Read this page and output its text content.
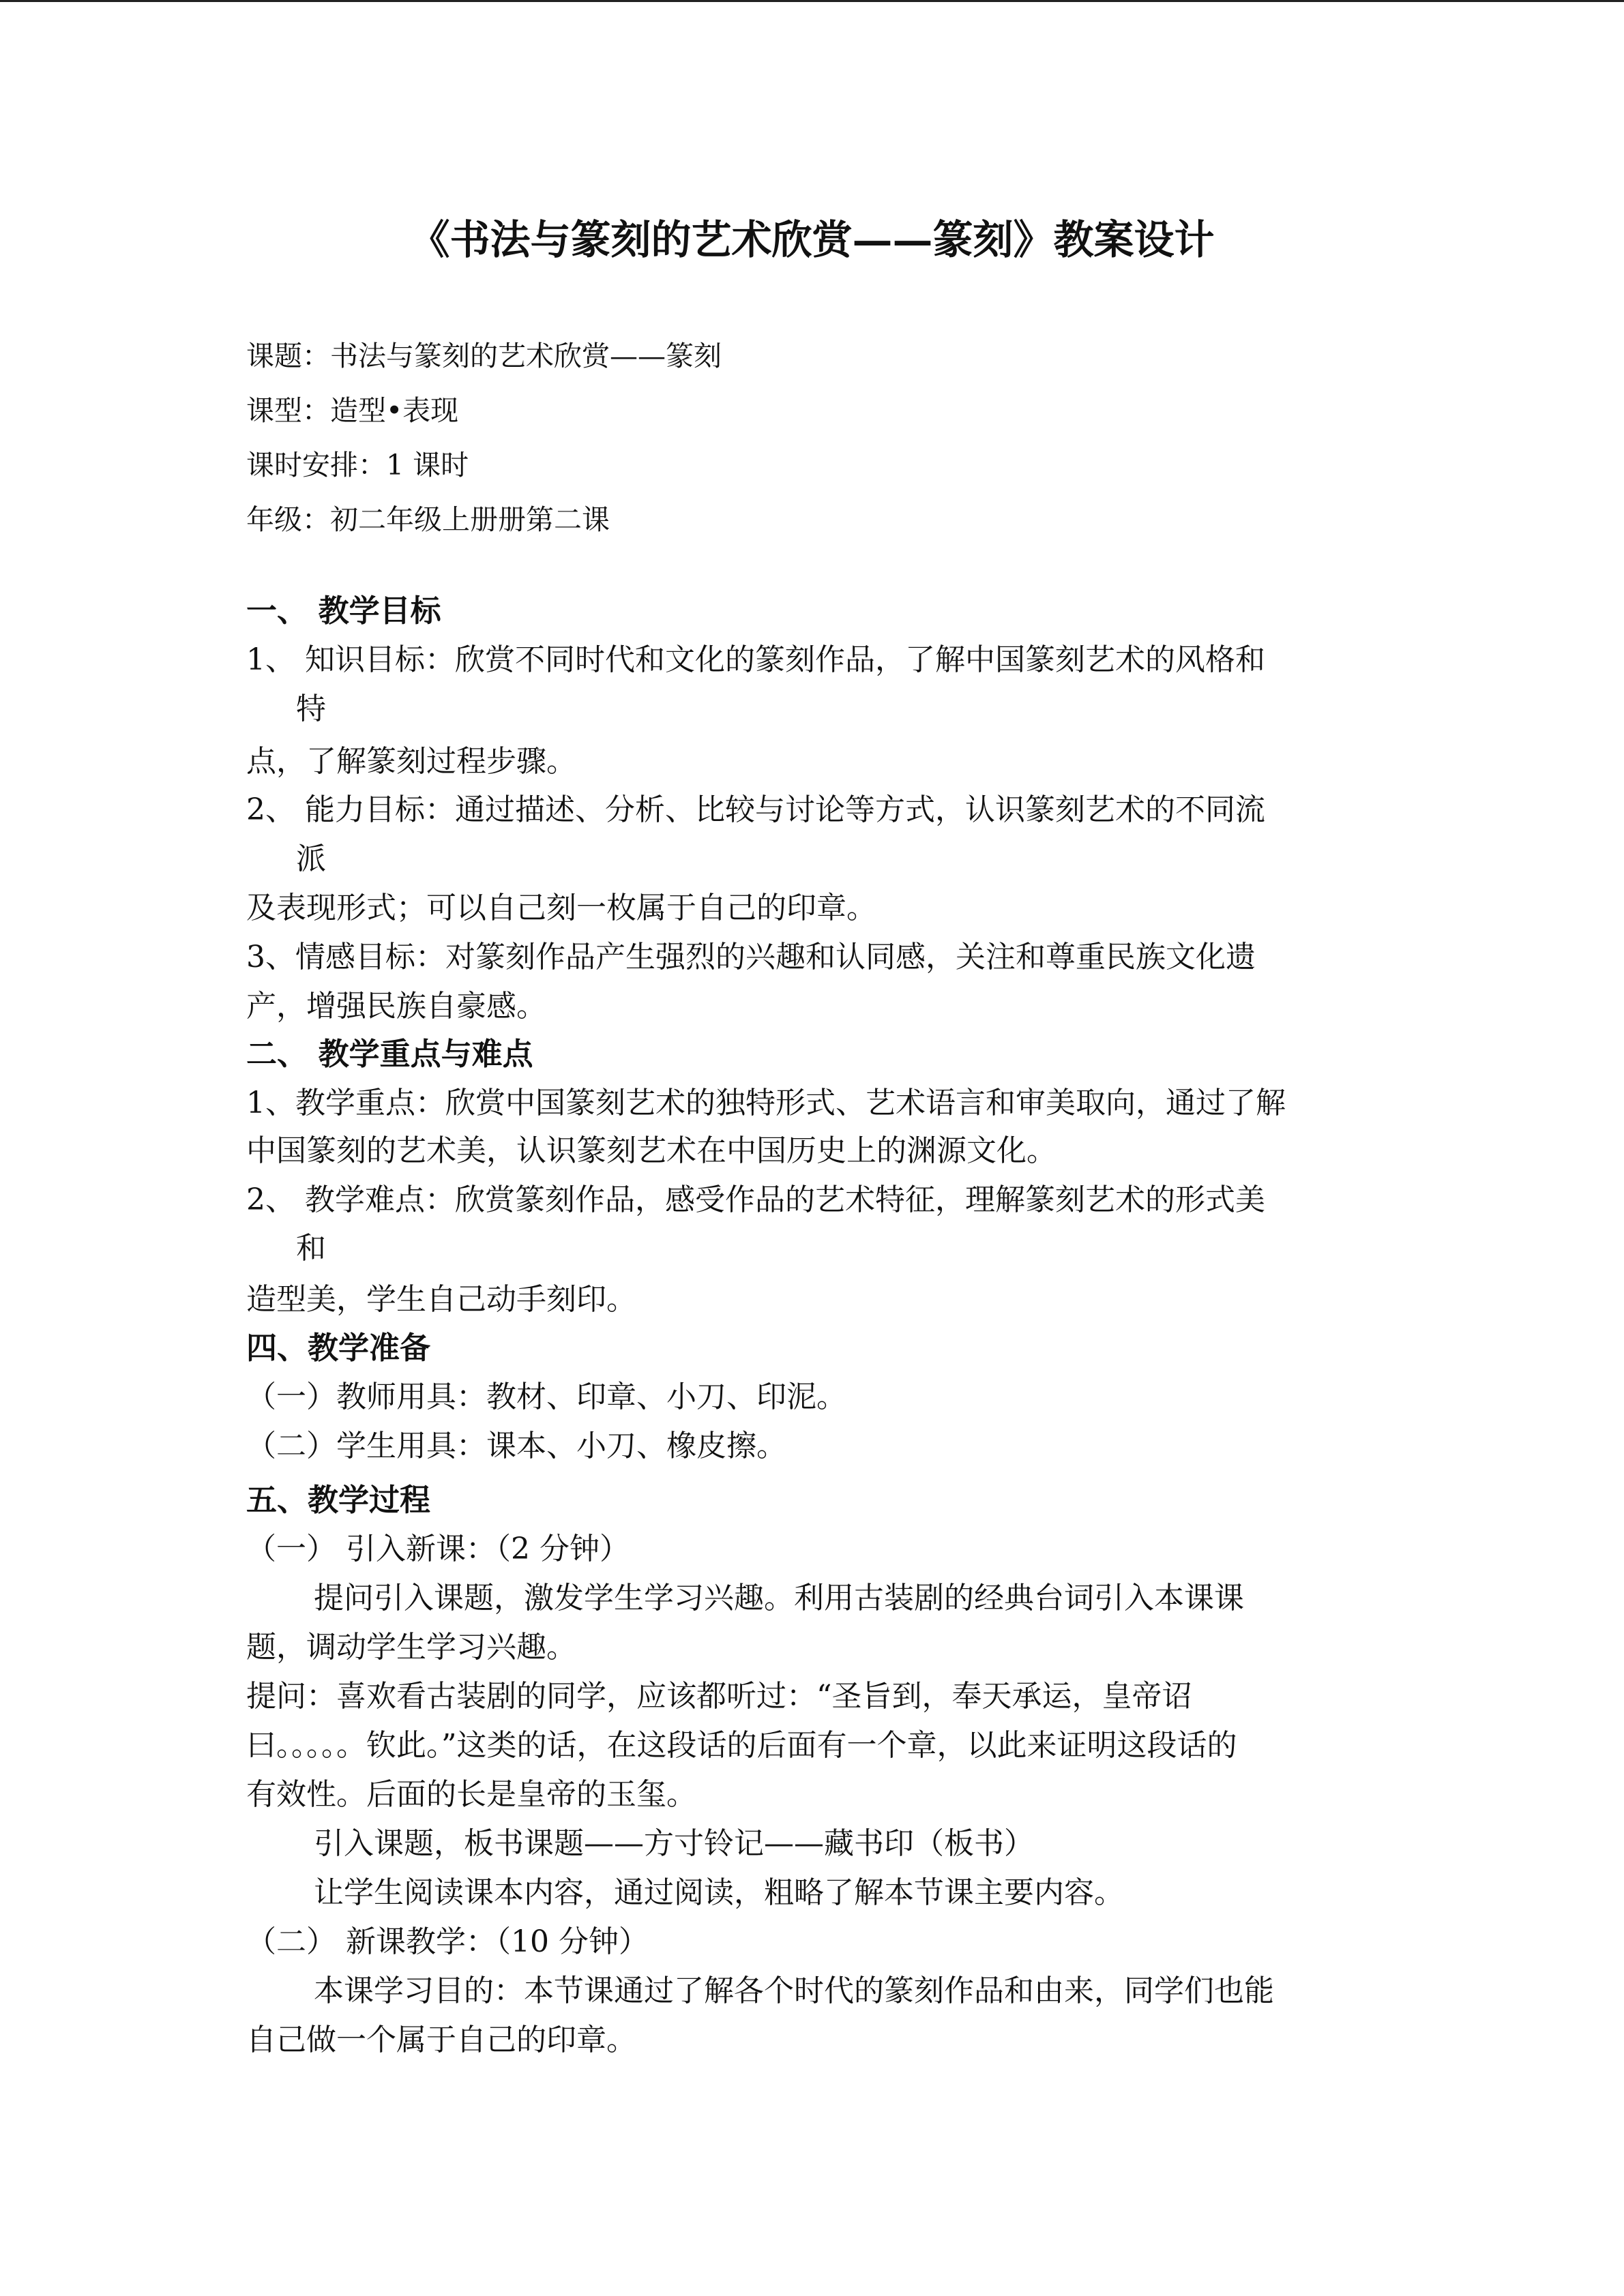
《书法与篆刻的艺术欣赏——篆刻》教案设计
课题：书法与篆刻的艺术欣赏——篆刻
课型：造型•表现
课时安排：1 课时
年级：初二年级上册册第二课
一、 教学目标
1、 知识目标：欣赏不同时代和文化的篆刻作品，了解中国篆刻艺术的风格和
特
点，了解篆刻过程步骤。
2、 能力目标：通过描述、分析、比较与讨论等方式，认识篆刻艺术的不同流
派
及表现形式；可以自己刻一枚属于自己的印章。
3、情感目标：对篆刻作品产生强烈的兴趣和认同感，关注和尊重民族文化遗
产，增强民族自豪感。
二、 教学重点与难点
1、教学重点：欣赏中国篆刻艺术的独特形式、艺术语言和审美取向，通过了解
中国篆刻的艺术美，认识篆刻艺术在中国历史上的渊源文化。
2、 教学难点：欣赏篆刻作品，感受作品的艺术特征，理解篆刻艺术的形式美
和
造型美，学生自己动手刻印。
四、教学准备
（一）教师用具：教材、印章、小刀、印泥。
（二）学生用具：课本、小刀、橡皮擦。
五、教学过程
（一） 引入新课：（2 分钟）
提问引入课题，激发学生学习兴趣。利用古装剧的经典台词引入本课课
题，调动学生学习兴趣。
提问：喜欢看古装剧的同学，应该都听过：“圣旨到，奉天承运，皇帝诏
曰。。。。。钦此。”这类的话，在这段话的后面有一个章，以此来证明这段话的
有效性。后面的长是皇帝的玉玺。
引入课题，板书课题——方寸铃记——藏书印（板书）
让学生阅读课本内容，通过阅读，粗略了解本节课主要内容。
（二） 新课教学：（10 分钟）
本课学习目的：本节课通过了解各个时代的篆刻作品和由来，同学们也能
自己做一个属于自己的印章。
